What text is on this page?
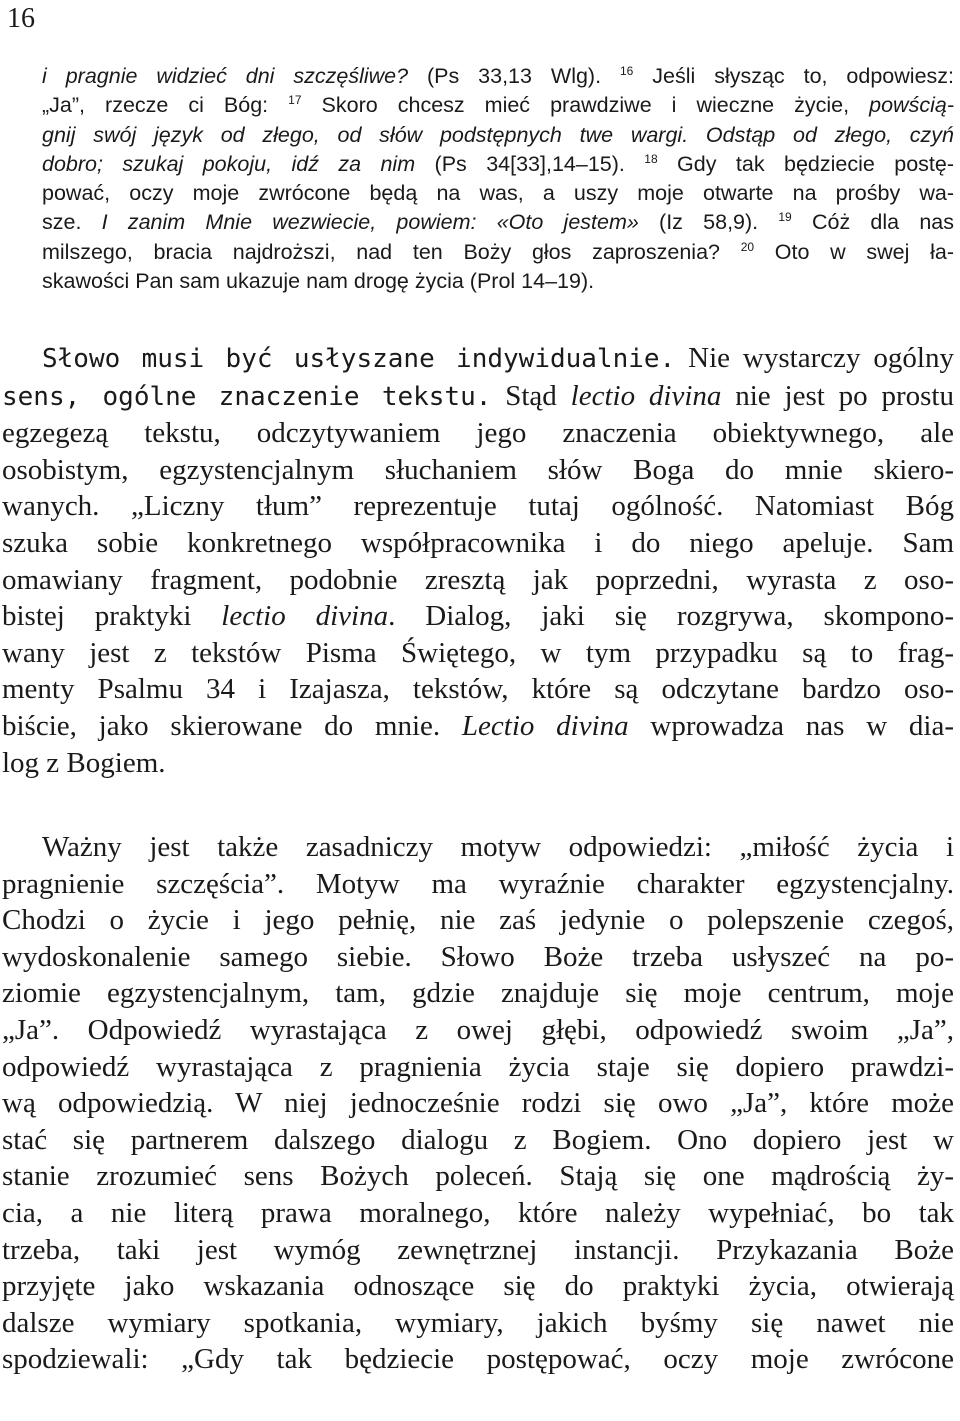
16
i pragnie widzieć dni szczęśliwe? (Ps 33,13 Wlg). $^{16}$ Jeśli słysząc to, odpowiesz:
„Ja”, rzecze ci Bóg: $^{17}$ Skoro chcesz mieć prawdziwe i wieczne życie, powścią-
gnij swój język od złego, od słów podstępnych twe wargi. Odstąp od złego, czyń
dobro; szukaj pokoju, idź za nim (Ps 34[33],14–15). $^{18}$ Gdy tak będziecie postę-
pować, oczy moje zwrócone będą na was, a uszy moje otwarte na prośby wa-
sze. I zanim Mnie wezwiecie, powiem: «Oto jestem» (Iz 58,9). $^{19}$ Cóż dla nas
milszego, bracia najdroższi, nad ten Boży głos zaproszenia? $^{20}$ Oto w swej ła-
skawości Pan sam ukazuje nam drogę życia (Prol 14–19).
Słowo musi być usłyszane indywidualnie. Nie wystarczy ogólny
sens, ogólne znaczenie tekstu. Stąd lectio divina nie jest po prostu
egzegezą tekstu, odczytywaniem jego znaczenia obiektywnego, ale
osobistym, egzystencjalnym słuchaniem słów Boga do mnie skiero-
wanych. „Liczny tłum” reprezentuje tutaj ogólność. Natomiast Bóg
szuka sobie konkretnego współpracownika i do niego apeluje. Sam
omawiany fragment, podobnie zresztą jak poprzedni, wyrasta z oso-
bistej praktyki lectio divina. Dialog, jaki się rozgrywa, skompono-
wany jest z tekstów Pisma Świętego, w tym przypadku są to frag-
menty Psalmu 34 i Izajasza, tekstów, które są odczytane bardzo oso-
biście, jako skierowane do mnie. Lectio divina wprowadza nas w dia-
log z Bogiem.
Ważny jest także zasadniczy motyw odpowiedzi: „miłość życia i
pragnienie szczęścia”. Motyw ma wyraźnie charakter egzystencjalny.
Chodzi o życie i jego pełnię, nie zaś jedynie o polepszenie czegoś,
wydoskonalenie samego siebie. Słowo Boże trzeba usłyszeć na po-
ziomie egzystencjalnym, tam, gdzie znajduje się moje centrum, moje
„Ja”. Odpowiedź wyrastająca z owej głębi, odpowiedź swoim „Ja”,
odpowiedź wyrastająca z pragnienia życia staje się dopiero prawdzi-
wą odpowiedzią. W niej jednocześnie rodzi się owo „Ja”, które może
stać się partnerem dalszego dialogu z Bogiem. Ono dopiero jest w
stanie zrozumieć sens Bożych poleceń. Stają się one mądrością ży-
cia, a nie literą prawa moralnego, które należy wypełniać, bo tak
trzeba, taki jest wymóg zewnętrznej instancji. Przykazania Boże
przyjęte jako wskazania odnoszące się do praktyki życia, otwierają
dalsze wymiary spotkania, wymiary, jakich byśmy się nawet nie
spodziewali: „Gdy tak będziecie postępować, oczy moje zwrócone
